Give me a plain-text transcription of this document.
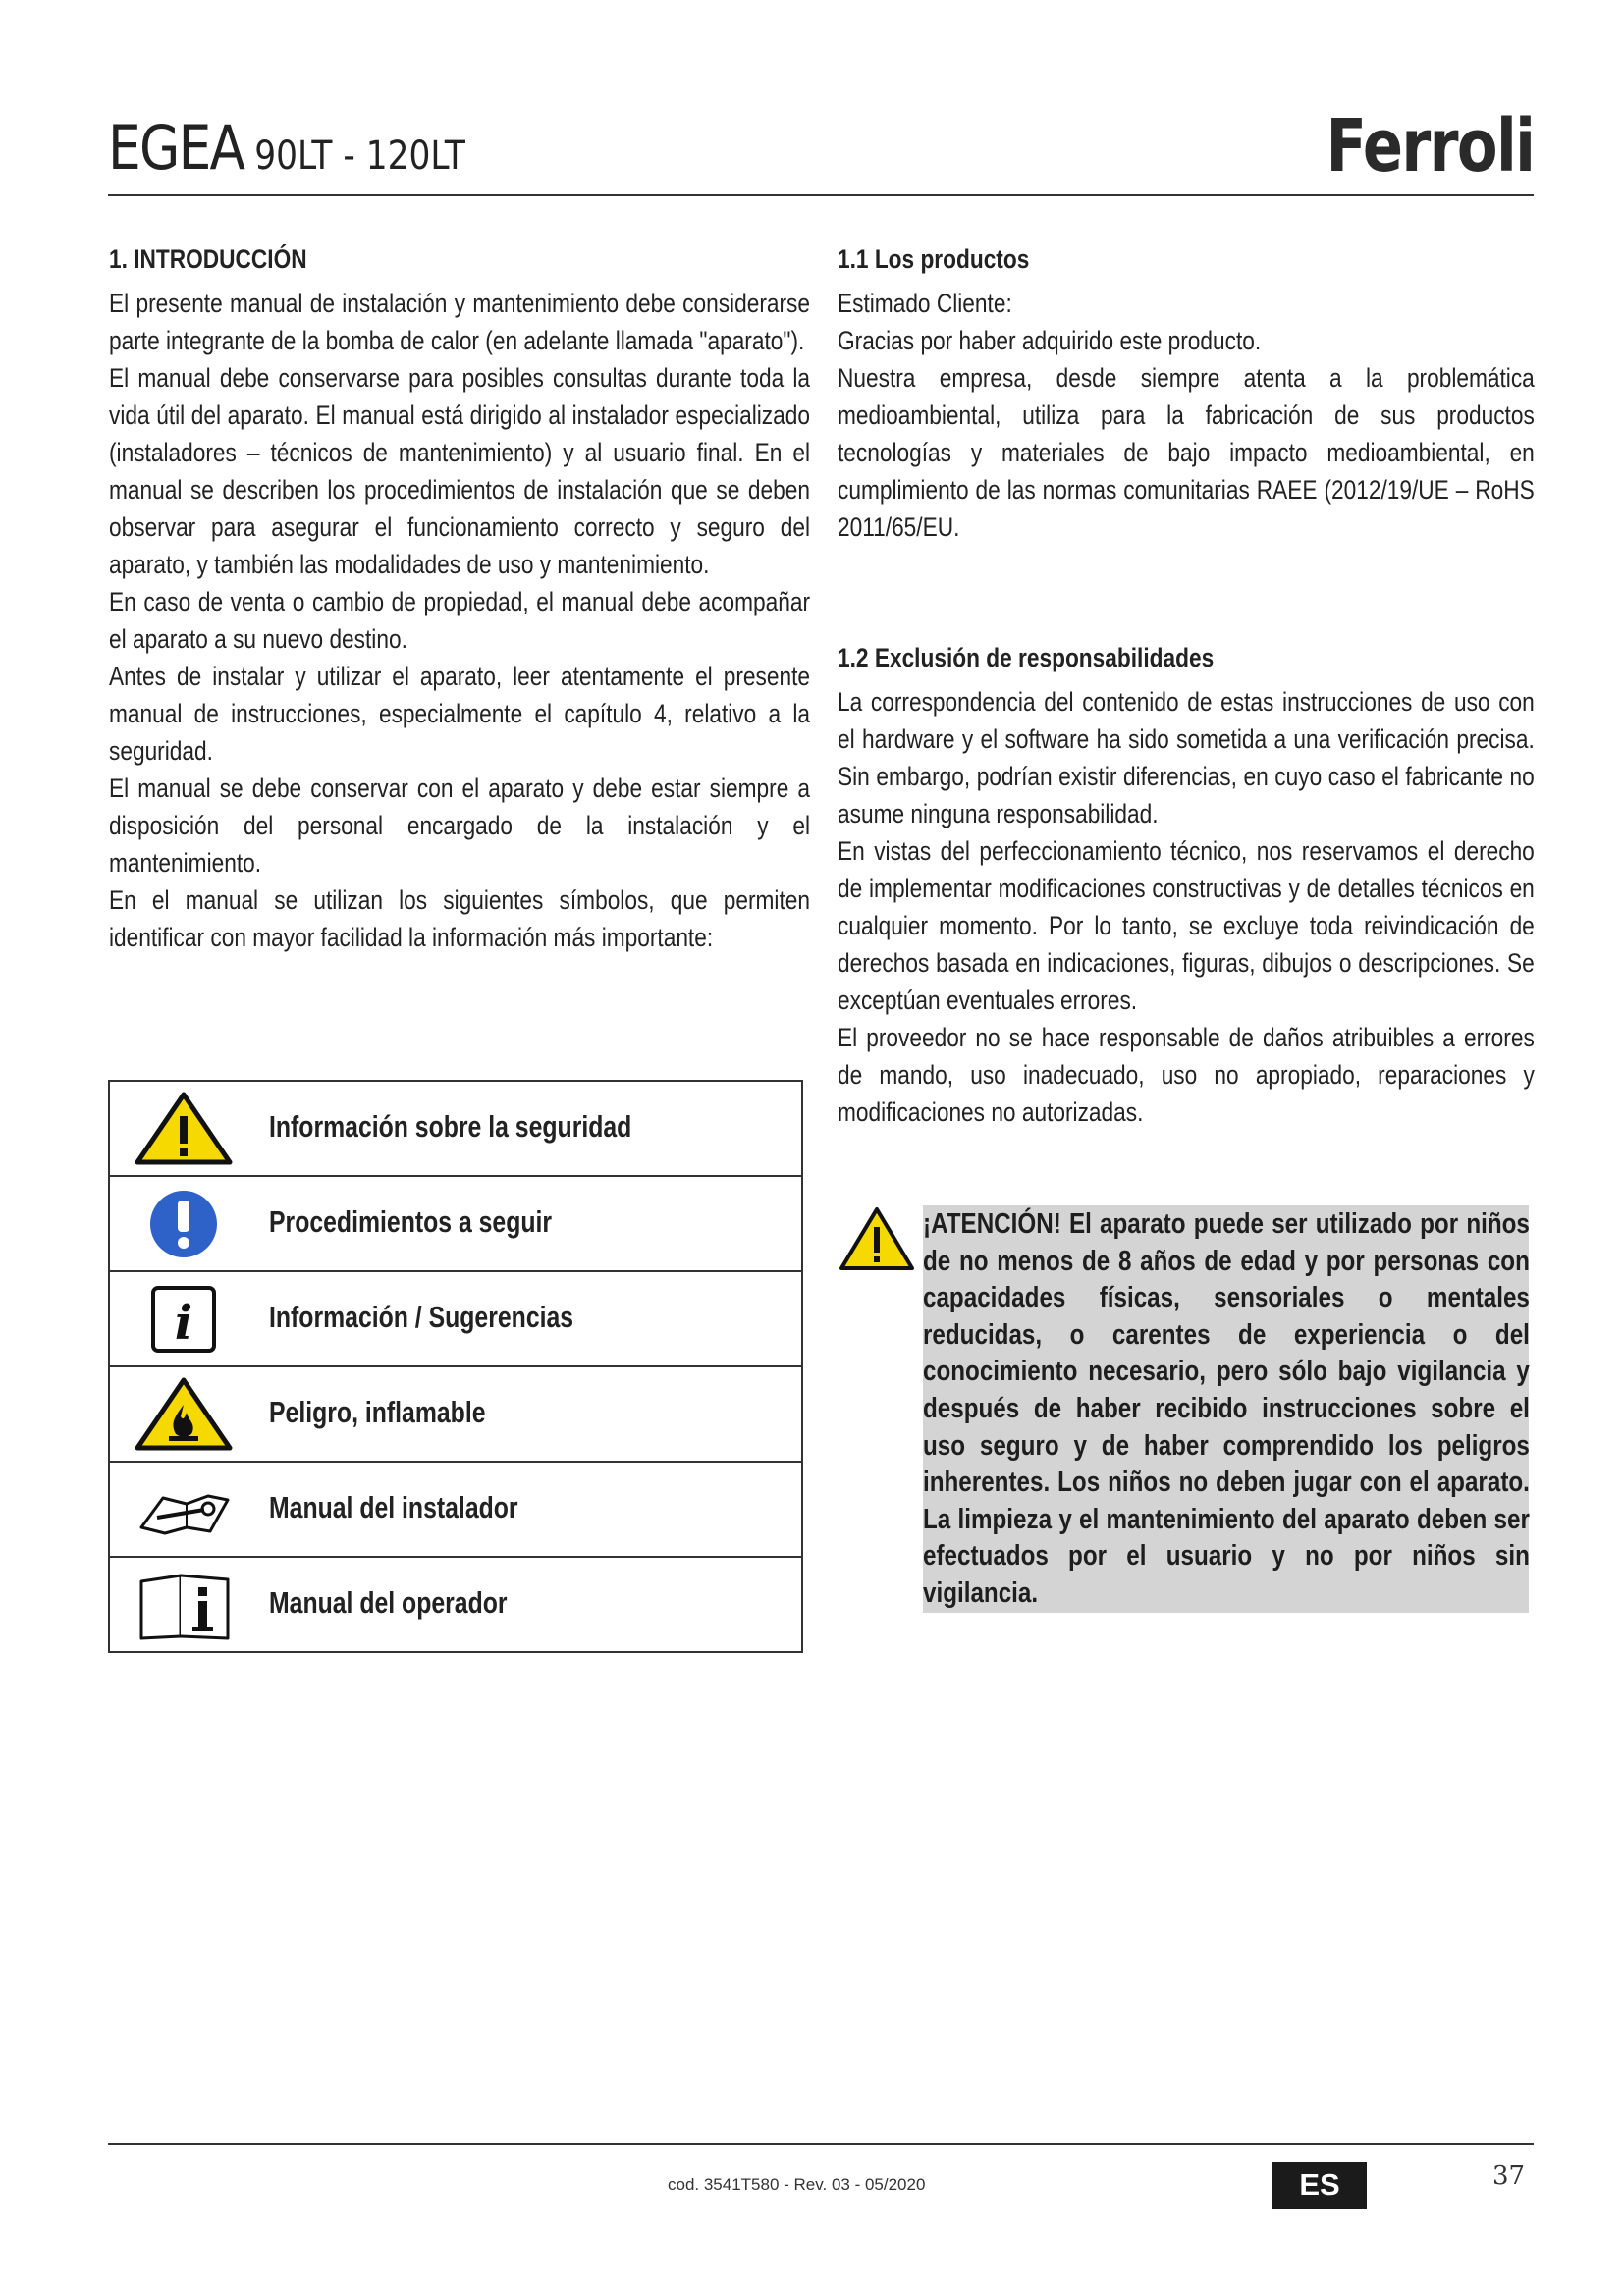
EGEA 90LT - 120LT	Ferroli
1. INTRODUCCIÓN

El presente manual de instalación y mantenimiento debe considerarse parte integrante de la bomba de calor (en adelante llamada "aparato").

El manual debe conservarse para posibles consultas durante toda la vida útil del aparato. El manual está dirigido al instalador especializado (instaladores – técnicos de mantenimiento) y al usuario final. En el manual se describen los procedimientos de instalación que se deben observar para asegurar el funcionamiento correcto y seguro del aparato, y también las modalidades de uso y mantenimiento.

En caso de venta o cambio de propiedad, el manual debe acompañar el aparato a su nuevo destino.

Antes de instalar y utilizar el aparato, leer atentamente el presente manual de instrucciones, especialmente el capítulo 4, relativo a la seguridad.

El manual se debe conservar con el aparato y debe estar siempre a disposición del personal encargado de la instalación y el mantenimiento.

En el manual se utilizan los siguientes símbolos, que permiten identificar con mayor facilidad la información más importante:

Información sobre la seguridad
Procedimientos a seguir
i	Información / Sugerencias
Peligro, inflamable
Manual del instalador
Manual del operador
1.1 Los productos

Estimado Cliente:

Gracias por haber adquirido este producto.

Nuestra empresa, desde siempre atenta a la problemática medioambiental, utiliza para la fabricación de sus productos tecnologías y materiales de bajo impacto medioambiental, en cumplimiento de las normas comunitarias RAEE (2012/19/UE – RoHS 2011/65/EU.

1.2 Exclusión de responsabilidades

La correspondencia del contenido de estas instrucciones de uso con el hardware y el software ha sido sometida a una verificación precisa. Sin embargo, podrían existir diferencias, en cuyo caso el fabricante no asume ninguna responsabilidad.

En vistas del perfeccionamiento técnico, nos reservamos el derecho de implementar modificaciones constructivas y de detalles técnicos en cualquier momento. Por lo tanto, se excluye toda reivindicación de derechos basada en indicaciones, figuras, dibujos o descripciones. Se exceptúan eventuales errores.

El proveedor no se hace responsable de daños atribuibles a errores de mando, uso inadecuado, uso no apropiado, reparaciones y modificaciones no autorizadas.

¡ATENCIÓN! El aparato puede ser utilizado por niños de no menos de 8 años de edad y por personas con capacidades físicas, sensoriales o mentales reducidas, o carentes de experiencia o del conocimiento necesario, pero sólo bajo vigilancia y después de haber recibido instrucciones sobre el uso seguro y de haber comprendido los peligros inherentes. Los niños no deben jugar con el aparato. La limpieza y el mantenimiento del aparato deben ser efectuados por el usuario y no por niños sin vigilancia.
cod. 3541T580 - Rev. 03 - 05/2020	ES	37
